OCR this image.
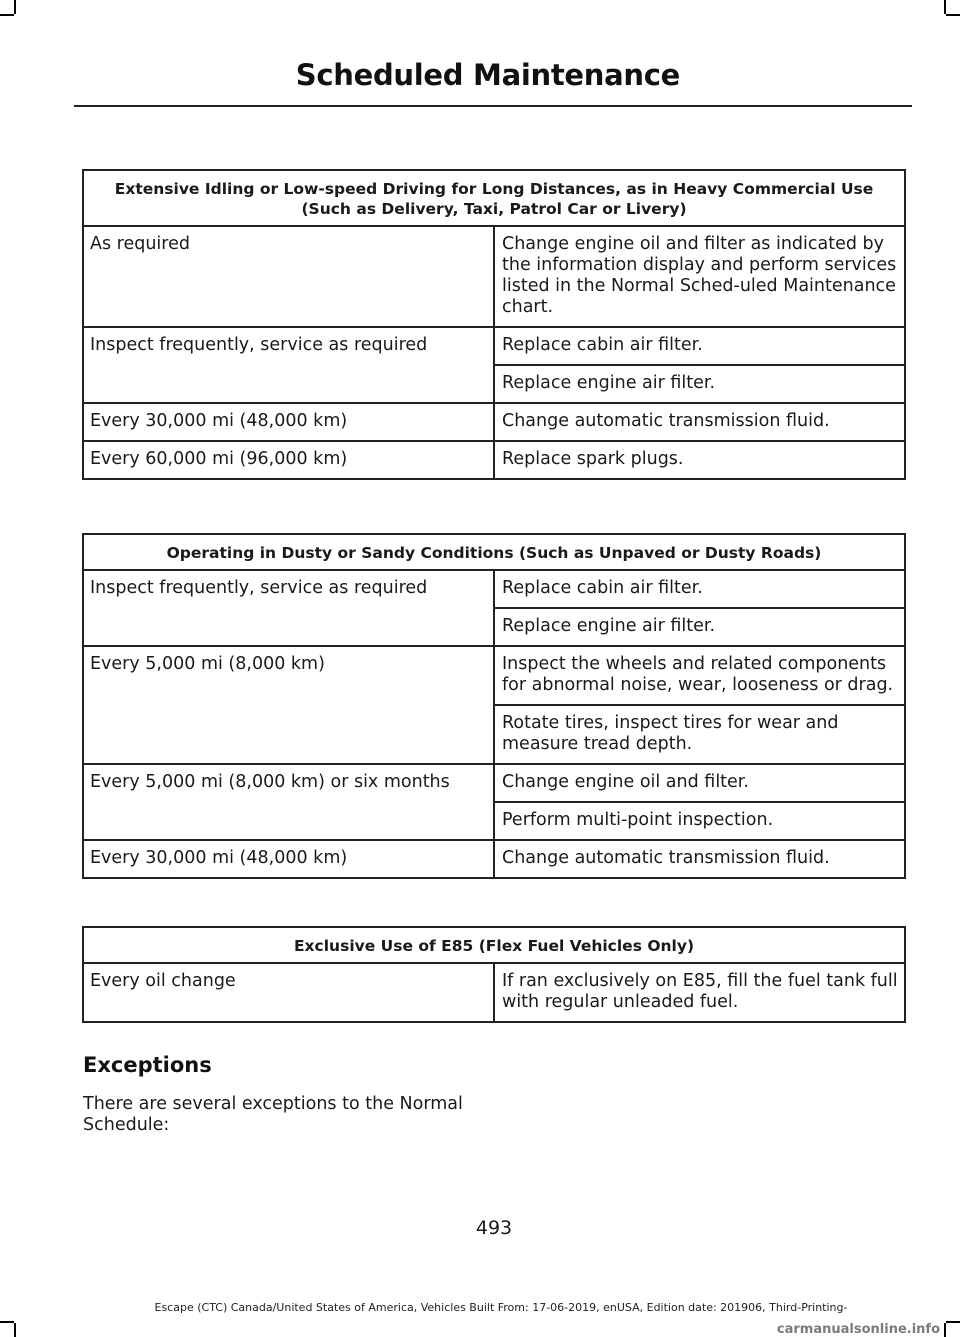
Scheduled Maintenance
Extensive Idling or Low-speed Driving for Long Distances, as in Heavy Commercial Use (Such as Delivery, Taxi, Patrol Car or Livery)	
As required	Change engine oil and filter as indicated by the information display and perform services listed in the Normal Sched-uled Maintenance chart.
Inspect frequently, service as required	Replace cabin air filter.
	Replace engine air filter.
Every 30,000 mi (48,000 km)	Change automatic transmission fluid.
Every 60,000 mi (96,000 km)	Replace spark plugs.
Operating in Dusty or Sandy Conditions (Such as Unpaved or Dusty Roads)	
Inspect frequently, service as required	Replace cabin air filter.
	Replace engine air filter.
Every 5,000 mi (8,000 km)	Inspect the wheels and related components for abnormal noise, wear, looseness or drag.
	Rotate tires, inspect tires for wear and measure tread depth.
Every 5,000 mi (8,000 km) or six months	Change engine oil and filter.
	Perform multi-point inspection.
Every 30,000 mi (48,000 km)	Change automatic transmission fluid.
Exclusive Use of E85 (Flex Fuel Vehicles Only)
Every oil change	If ran exclusively on E85, fill the fuel tank full with regular unleaded fuel.
Exceptions
There are several exceptions to the Normal Schedule:
493
Escape (CTC) Canada/United States of America, Vehicles Built From: 17-06-2019, enUSA, Edition date: 201906, Third-Printing-
carmanualsonline.info
